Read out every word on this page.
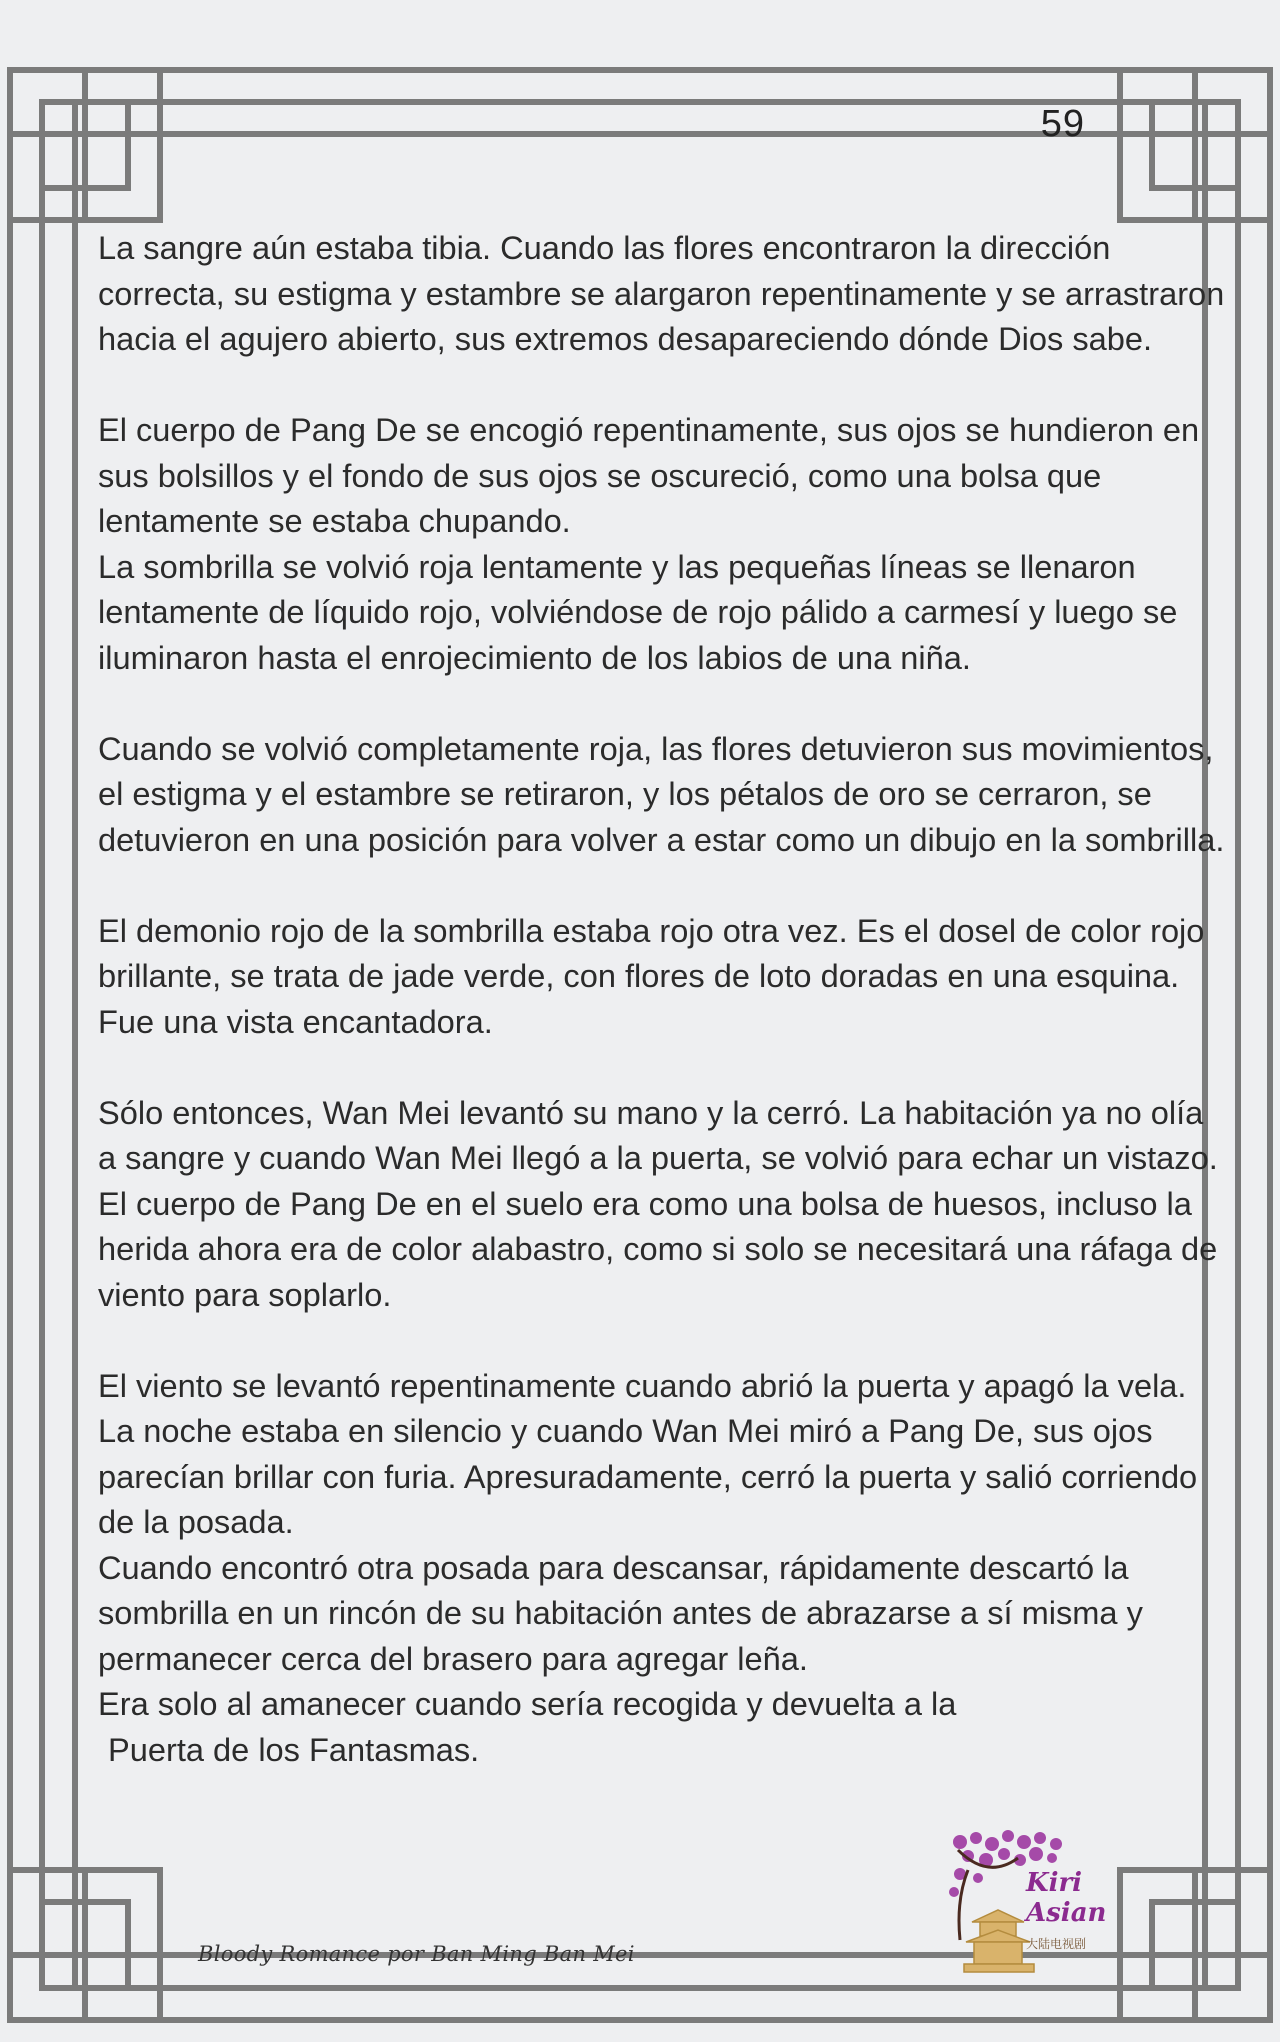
59

La sangre aún estaba tibia. Cuando las flores encontraron la dirección correcta, su estigma y estambre se alargaron repentinamente y se arrastraron hacia el agujero abierto, sus extremos desapareciendo dónde Dios sabe.

El cuerpo de Pang De se encogió repentinamente, sus ojos se hundieron en sus bolsillos y el fondo de sus ojos se oscureció, como una bolsa que lentamente se estaba chupando.

La sombrilla se volvió roja lentamente y las pequeñas líneas se llenaron lentamente de líquido rojo, volviéndose de rojo pálido a carmesí y luego se iluminaron hasta el enrojecimiento de los labios de una niña.

Cuando se volvió completamente roja, las flores detuvieron sus movimientos, el estigma y el estambre se retiraron, y los pétalos de oro se cerraron, se detuvieron en una posición para volver a estar como un dibujo en la sombrilla.

El demonio rojo de la sombrilla estaba rojo otra vez. Es el dosel de color rojo brillante, se trata de jade verde, con flores de loto doradas en una esquina. Fue una vista encantadora.

Sólo entonces, Wan Mei levantó su mano y la cerró. La habitación ya no olía a sangre y cuando Wan Mei llegó a la puerta, se volvió para echar un vistazo. El cuerpo de Pang De en el suelo era como una bolsa de huesos, incluso la herida ahora era de color alabastro, como si solo se necesitará una ráfaga de viento para soplarlo.

El viento se levantó repentinamente cuando abrió la puerta y apagó la vela. La noche estaba en silencio y cuando Wan Mei miró a Pang De, sus ojos parecían brillar con furia. Apresuradamente, cerró la puerta y salió corriendo de la posada.

Cuando encontró otra posada para descansar, rápidamente descartó la sombrilla en un rincón de su habitación antes de abrazarse a sí misma y permanecer cerca del brasero para agregar leña.

Era solo al amanecer cuando sería recogida y devuelta a la

Puerta de los Fantasmas.

Bloody Romance por Ban Ming Ban Mei
Kiri
Asian
大陆电视剧
